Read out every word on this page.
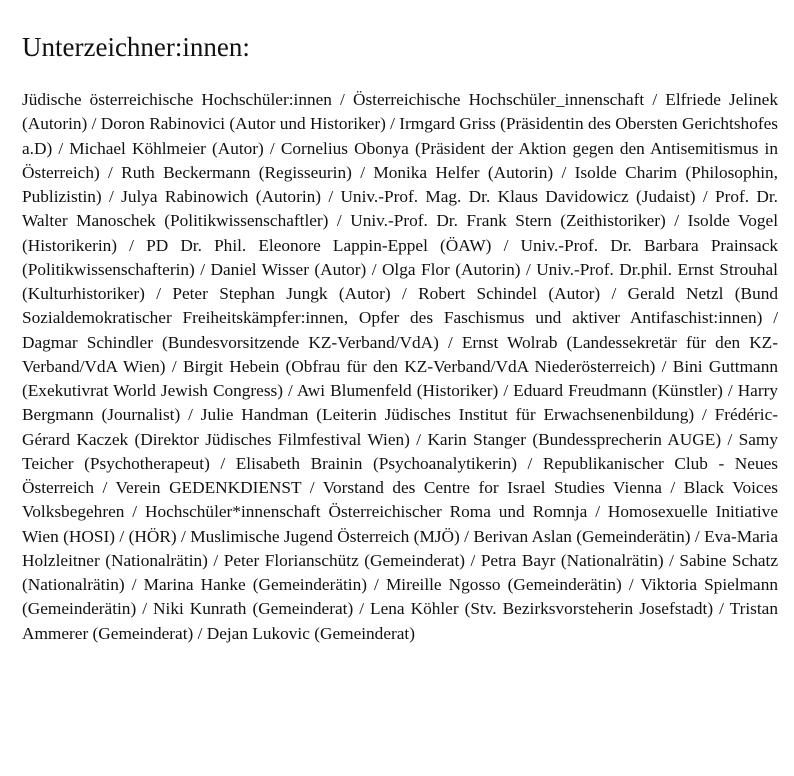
Unterzeichner:innen:

Jüdische österreichische Hochschüler:innen / Österreichische Hochschüler_innenschaft / Elfriede Jelinek (Autorin) / Doron Rabinovici (Autor und Historiker) / Irmgard Griss (Präsidentin des Obersten Gerichtshofes a.D) / Michael Köhlmeier (Autor) / Cornelius Obonya (Präsident der Aktion gegen den Antisemitismus in Österreich) / Ruth Beckermann (Regisseurin) / Monika Helfer (Autorin) / Isolde Charim (Philosophin, Publizistin) / Julya Rabinowich (Autorin) / Univ.-Prof. Mag. Dr. Klaus Davidowicz (Judaist) / Prof. Dr. Walter Manoschek (Politikwissenschaftler) / Univ.-Prof. Dr. Frank Stern (Zeithistoriker) / Isolde Vogel (Historikerin) / PD Dr. Phil. Eleonore Lappin-Eppel (ÖAW) / Univ.-Prof. Dr. Barbara Prainsack (Politikwissenschafterin) / Daniel Wisser (Autor) / Olga Flor (Autorin) / Univ.-Prof. Dr.phil. Ernst Strouhal (Kulturhistoriker) / Peter Stephan Jungk (Autor) / Robert Schindel (Autor) / Gerald Netzl (Bund Sozialdemokratischer Freiheitskämpfer:innen, Opfer des Faschismus und aktiver Antifaschist:innen) / Dagmar Schindler (Bundesvorsitzende KZ-Verband/VdA) / Ernst Wolrab (Landessekretär für den KZ-Verband/VdA Wien) / Birgit Hebein (Obfrau für den KZ-Verband/VdA Niederösterreich) / Bini Guttmann (Exekutivrat World Jewish Congress) / Awi Blumenfeld (Historiker) / Eduard Freudmann (Künstler) / Harry Bergmann (Journalist) / Julie Handman (Leiterin Jüdisches Institut für Erwachsenenbildung) / Frédéric-Gérard Kaczek (Direktor Jüdisches Filmfestival Wien) / Karin Stanger (Bundessprecherin AUGE) / Samy Teicher (Psychotherapeut) / Elisabeth Brainin (Psychoanalytikerin) / Republikanischer Club - Neues Österreich / Verein GEDENKDIENST / Vorstand des Centre for Israel Studies Vienna / Black Voices Volksbegehren / Hochschüler*innenschaft Österreichischer Roma und Romnja / Homosexuelle Initiative Wien (HOSI) / (HÖR) / Muslimische Jugend Österreich (MJÖ) / Berivan Aslan (Gemeinderätin) / Eva-Maria Holzleitner (Nationalrätin) / Peter Florianschütz (Gemeinderat) / Petra Bayr (Nationalrätin) / Sabine Schatz (Nationalrätin) / Marina Hanke (Gemeinderätin) / Mireille Ngosso (Gemeinderätin) / Viktoria Spielmann (Gemeinderätin) / Niki Kunrath (Gemeinderat) / Lena Köhler (Stv. Bezirksvorsteherin Josefstadt) / Tristan Ammerer (Gemeinderat) / Dejan Lukovic (Gemeinderat)
